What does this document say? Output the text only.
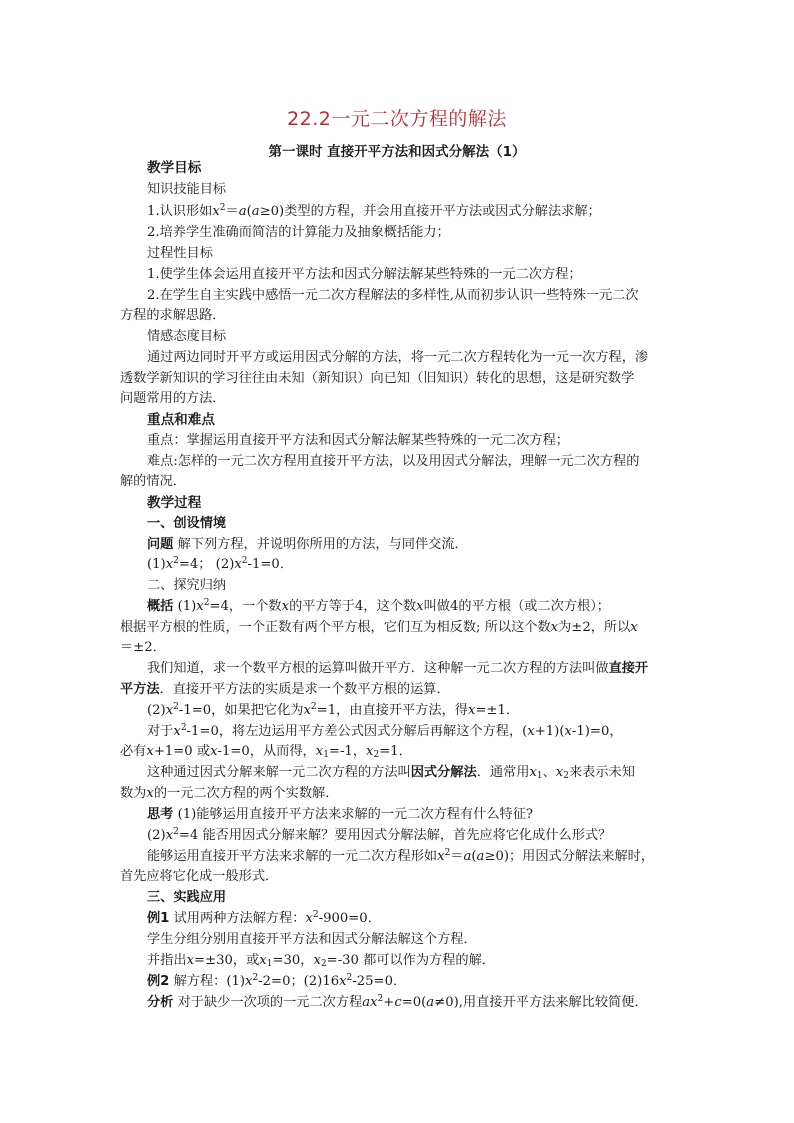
22.2一元二次方程的解法
第一课时 直接开平方法和因式分解法（1）
教学目标
知识技能目标
1.认识形如$x^2=a(a\ge 0)$类型的方程，并会用直接开平方法或因式分解法求解；
2.培养学生准确而简洁的计算能力及抽象概括能力；
过程性目标
1.使学生体会运用直接开平方法和因式分解法解某些特殊的一元二次方程；
2.在学生自主实践中感悟一元二次方程解法的多样性,从而初步认识一些特殊一元二次
方程的求解思路．
情感态度目标
通过两边同时开平方或运用因式分解的方法，将一元二次方程转化为一元一次方程，渗
透数学新知识的学习往往由未知（新知识）向已知（旧知识）转化的思想，这是研究数学
问题常用的方法．
重点和难点
重点：掌握运用直接开平方法和因式分解法解某些特殊的一元二次方程；
难点:怎样的一元二次方程用直接开平方法，以及用因式分解法，理解一元二次方程的
解的情况．
教学过程
一、创设情境
问题 解下列方程，并说明你所用的方法，与同伴交流．
$(1)x^2=4$； $(2)x^2-1=0$．
二、探究归纳
概括 $(1)x^2=4$，一个数x的平方等于4，这个数x叫做4的平方根（或二次方根）；
根据平方根的性质，一个正数有两个平方根，它们互为相反数; 所以这个数x为±2，所以x
＝±2．
我们知道，求一个数平方根的运算叫做开平方．这种解一元二次方程的方法叫做直接开
平方法．直接开平方法的实质是求一个数平方根的运算．
$(2)x^2-1=0$，如果把它化为$x^2=1$，由直接开平方法，得x=±1．
对于$x^2-1=0$，将左边运用平方差公式因式分解后再解这个方程，(x+1)(x-1)=0，
必有x+1=0 或x-1=0，从而得，$x_1=-1$，$x_2=1$．
这种通过因式分解来解一元二次方程的方法叫因式分解法．通常用$x_1$、$x_2$来表示未知
数为x的一元二次方程的两个实数解．
思考 (1)能够运用直接开平方法来求解的一元二次方程有什么特征?
$(2)x^2=4$ 能否用因式分解来解？要用因式分解法解，首先应将它化成什么形式？
能够运用直接开平方法来求解的一元二次方程形如$x^2=a(a\ge 0)$；用因式分解法来解时，
首先应将它化成一般形式．
三、实践应用
例1 试用两种方法解方程：$x^2-900=0$．
学生分组分别用直接开平方法和因式分解法解这个方程．
并指出x=±30，或$x_1=30$，$x_2=-30$ 都可以作为方程的解．
例2 解方程：$(1)x^2-2=0$；$(2)16x^2-25=0$．
分析 对于缺少一次项的一元二次方程$ax^2+c=0(a\ne 0)$,用直接开平方法来解比较简便．
